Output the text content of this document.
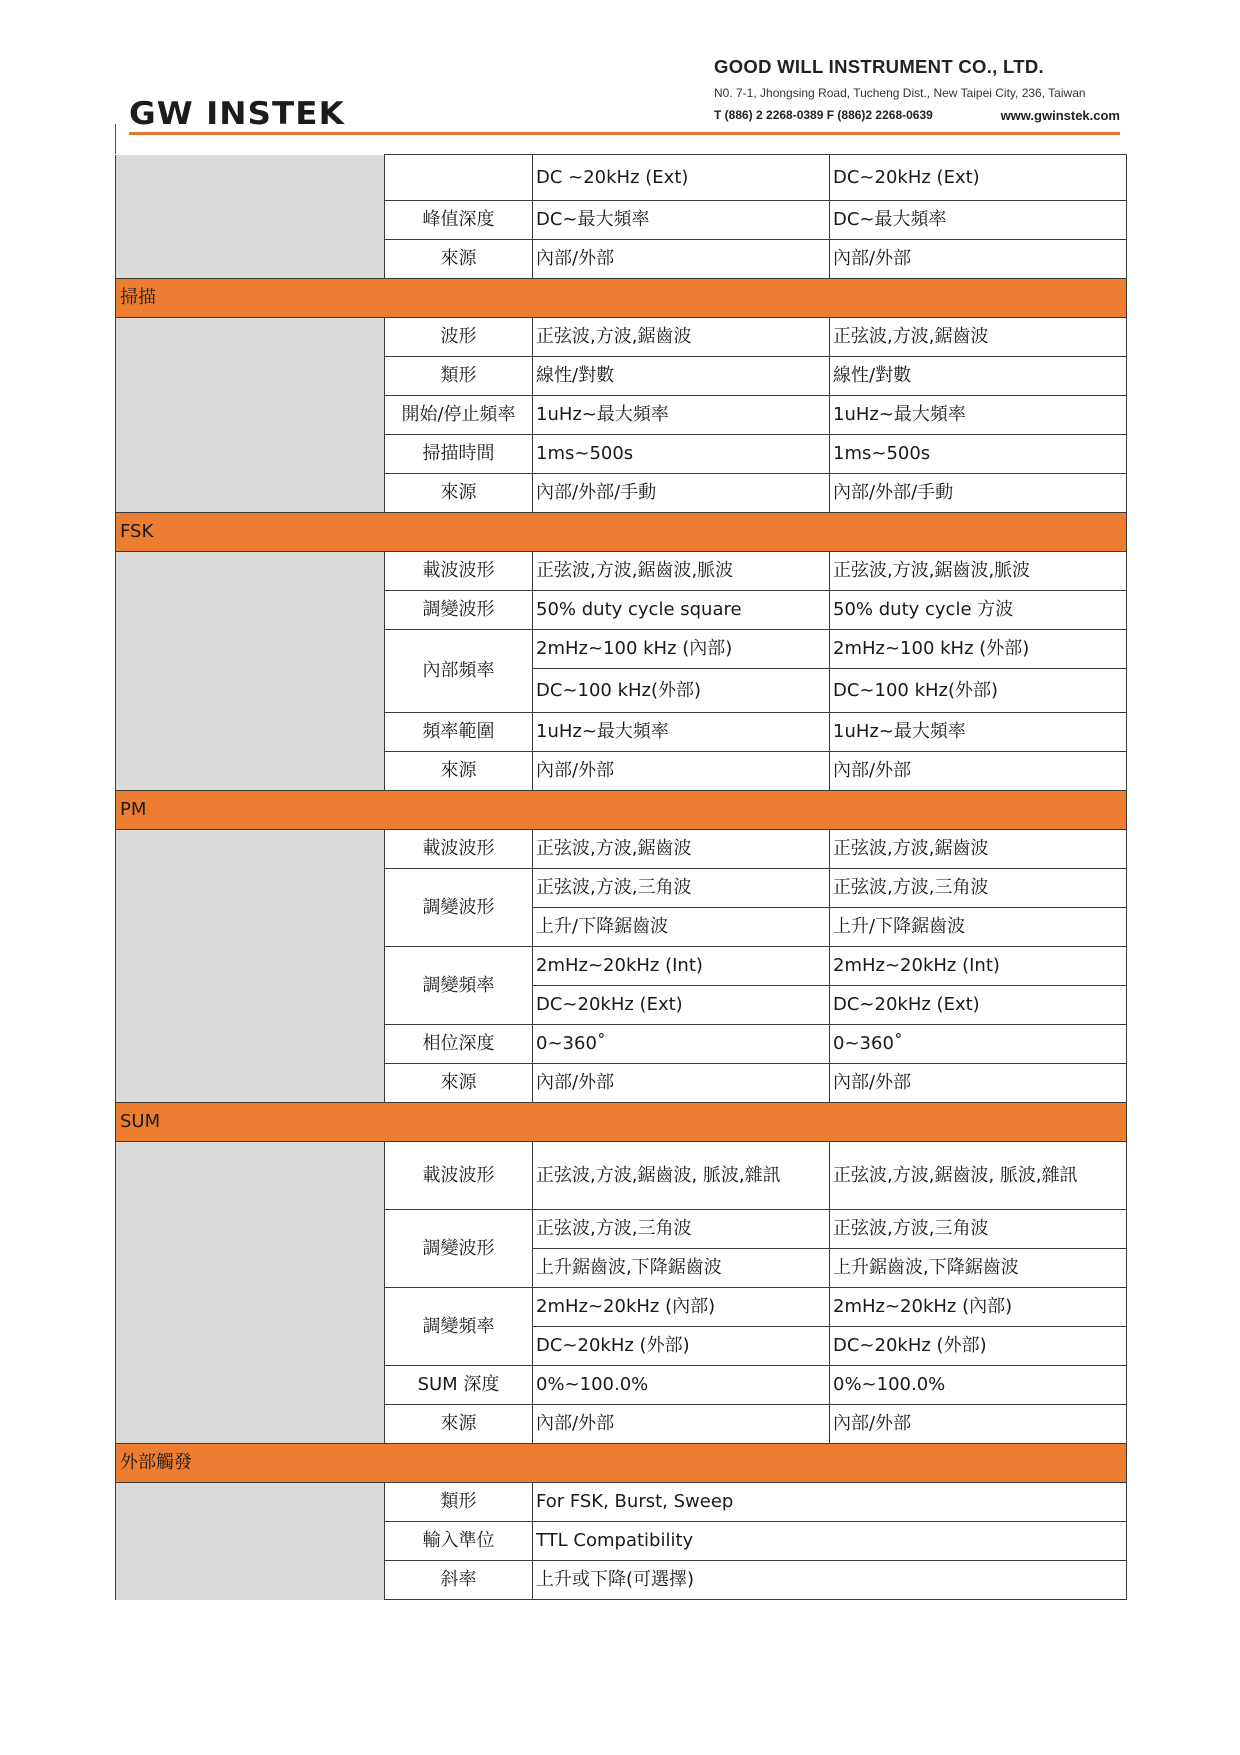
GW INSTEK
GOOD WILL INSTRUMENT CO., LTD.
N0. 7-1, Jhongsing Road, Tucheng Dist., New Taipei City, 236, Taiwan
T (886) 2 2268-0389 F (886)2 2268-0639	www.gwinstek.com
		DC ~20kHz (Ext)	DC~20kHz (Ext)
	峰值深度	DC~最大頻率	DC~最大頻率
	來源	內部/外部	內部/外部
掃描			
	波形	正弦波,方波,鋸齒波	正弦波,方波,鋸齒波
	類形	線性/對數	線性/對數
	開始/停止頻率	1uHz~最大頻率	1uHz~最大頻率
	掃描時間	1ms~500s	1ms~500s
	來源	內部/外部/手動	內部/外部/手動
FSK			
	載波波形	正弦波,方波,鋸齒波,脈波	正弦波,方波,鋸齒波,脈波
	調變波形	50% duty cycle square	50% duty cycle 方波
	內部頻率	2mHz~100 kHz (內部)	2mHz~100 kHz (外部)
		DC~100 kHz(外部)	DC~100 kHz(外部)
	頻率範圍	1uHz~最大頻率	1uHz~最大頻率
	來源	內部/外部	內部/外部
PM			
	載波波形	正弦波,方波,鋸齒波	正弦波,方波,鋸齒波
	調變波形	正弦波,方波,三角波	正弦波,方波,三角波
		上升/下降鋸齒波	上升/下降鋸齒波
	調變頻率	2mHz~20kHz (Int)	2mHz~20kHz (Int)
		DC~20kHz (Ext)	DC~20kHz (Ext)
	相位深度	0~360˚	0~360˚
	來源	內部/外部	內部/外部
SUM			
	載波波形	正弦波,方波,鋸齒波, 脈波,雜訊	正弦波,方波,鋸齒波, 脈波,雜訊
	調變波形	正弦波,方波,三角波	正弦波,方波,三角波
		上升鋸齒波,下降鋸齒波	上升鋸齒波,下降鋸齒波
	調變頻率	2mHz~20kHz (內部)	2mHz~20kHz (內部)
		DC~20kHz (外部)	DC~20kHz (外部)
	SUM 深度	0%~100.0%	0%~100.0%
	來源	內部/外部	內部/外部
外部觸發			
	類形	For FSK, Burst, Sweep	
	輸入準位	TTL Compatibility	
	斜率	上升或下降(可選擇)	
